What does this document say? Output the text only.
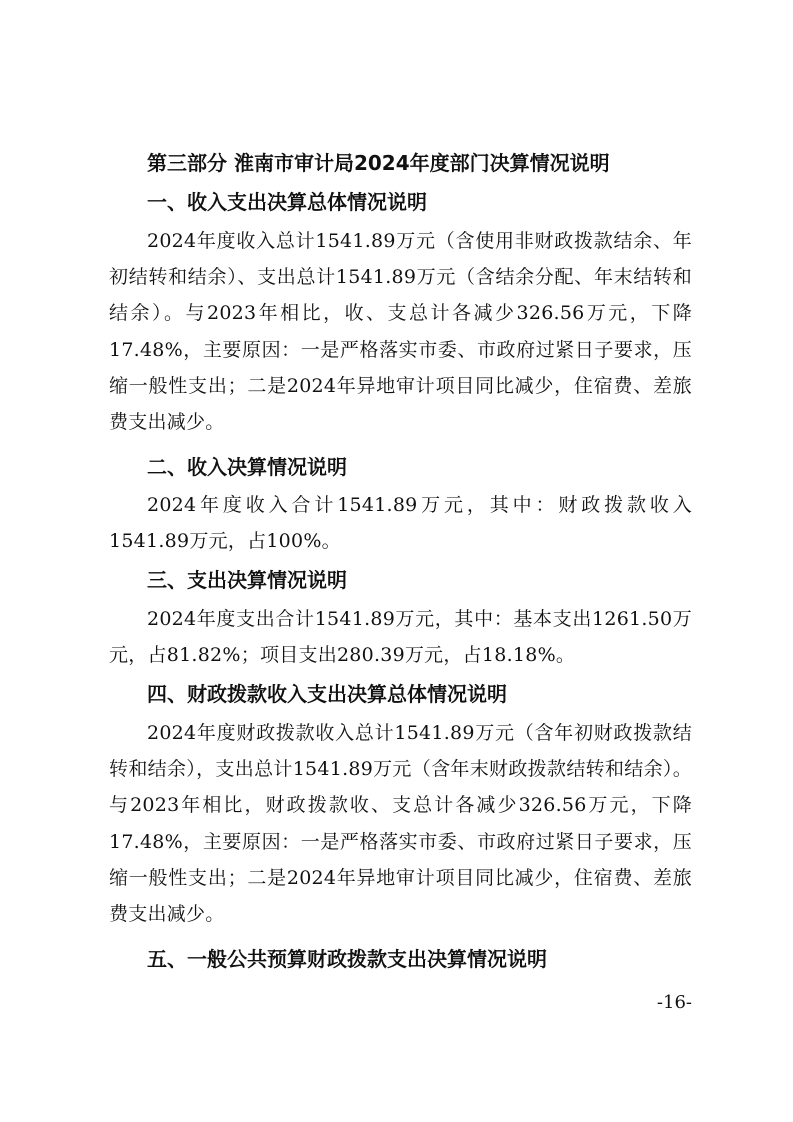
第三部分 淮南市审计局2024年度部门决算情况说明
一、收入支出决算总体情况说明
2024年度收入总计1541.89万元（含使用非财政拨款结余、年初结转和结余）、支出总计1541.89万元（含结余分配、年末结转和结余）。与2023年相比，收、支总计各减少326.56万元，下降17.48%，主要原因：一是严格落实市委、市政府过紧日子要求，压缩一般性支出；二是2024年异地审计项目同比减少，住宿费、差旅费支出减少。
二、收入决算情况说明
2024年度收入合计1541.89万元，其中：财政拨款收入1541.89万元，占100%。
三、支出决算情况说明
2024年度支出合计1541.89万元，其中：基本支出1261.50万元，占81.82%；项目支出280.39万元，占18.18%。
四、财政拨款收入支出决算总体情况说明
2024年度财政拨款收入总计1541.89万元（含年初财政拨款结转和结余），支出总计1541.89万元（含年末财政拨款结转和结余）。与2023年相比，财政拨款收、支总计各减少326.56万元，下降17.48%，主要原因：一是严格落实市委、市政府过紧日子要求，压缩一般性支出；二是2024年异地审计项目同比减少，住宿费、差旅费支出减少。
五、一般公共预算财政拨款支出决算情况说明
-16-
